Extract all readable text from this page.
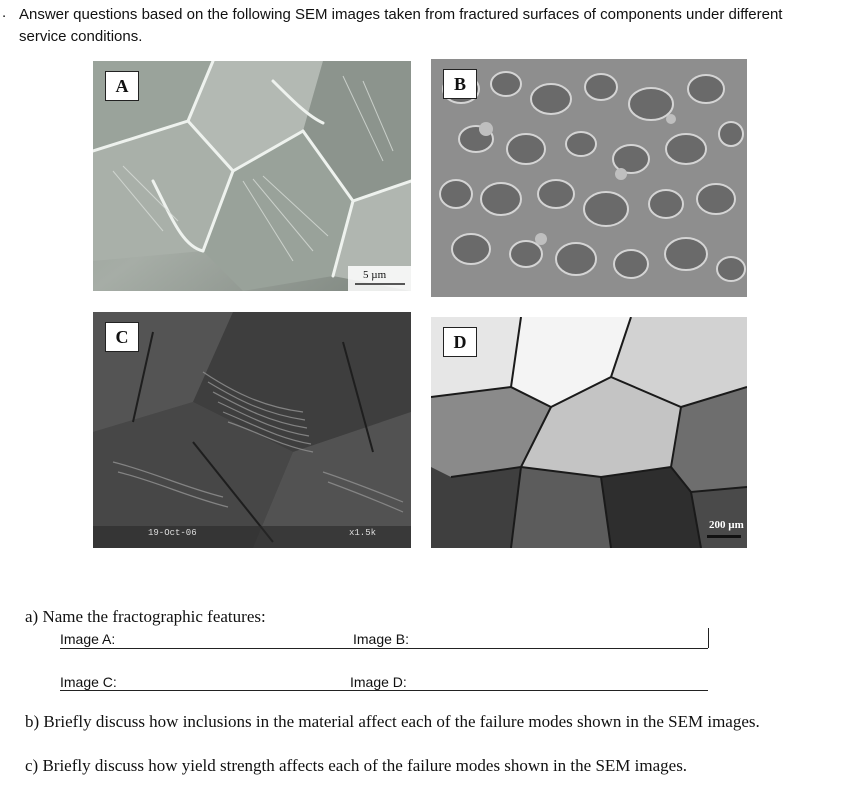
. Answer questions based on the following SEM images taken from fractured surfaces of components under different service conditions.
A
5 µm
B
C
19-Oct-06	x1.5k
D
200 µm
a) Name the fractographic features:
Image A:	Image B:
Image C:	Image D:
b) Briefly discuss how inclusions in the material affect each of the failure modes shown in the SEM images.
c) Briefly discuss how yield strength affects each of the failure modes shown in the SEM images.
